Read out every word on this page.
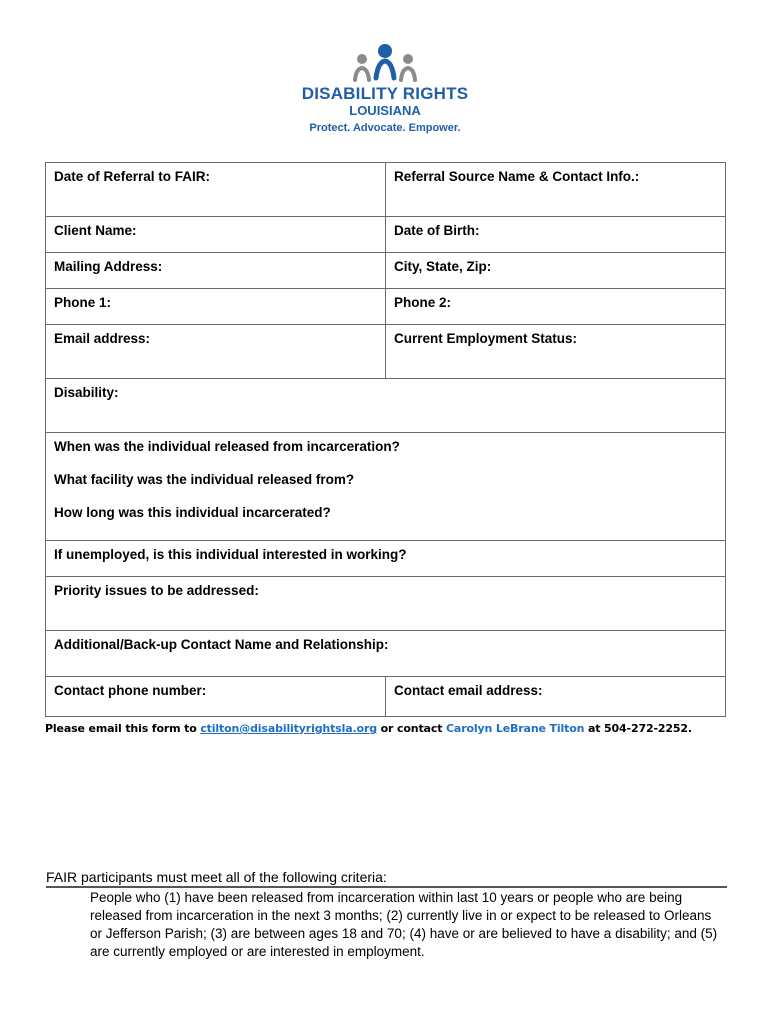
DISABILITY RIGHTS
LOUISIANA
Protect. Advocate. Empower.
Date of Referral to FAIR:	Referral Source Name & Contact Info.:
Client Name:	Date of Birth:
Mailing Address:	City, State, Zip:
Phone 1:	Phone 2:
Email address:	Current Employment Status:
Disability:	

When was the individual released from incarceration?
What facility was the individual released from?
How long was this individual incarcerated?	

If unemployed, is this individual interested in working?	
Priority issues to be addressed:	
Additional/Back-up Contact Name and Relationship:	
Contact phone number:	Contact email address:
Please email this form to ctilton@disabilityrightsla.org or contact Carolyn LeBrane Tilton at 504-272-2252.
FAIR participants must meet all of the following criteria:
People who (1) have been released from incarceration within last 10 years or people who are being released from incarceration in the next 3 months; (2) currently live in or expect to be released to Orleans or Jefferson Parish; (3) are between ages 18 and 70; (4) have or are believed to have a disability; and (5) are currently employed or are interested in employment.
